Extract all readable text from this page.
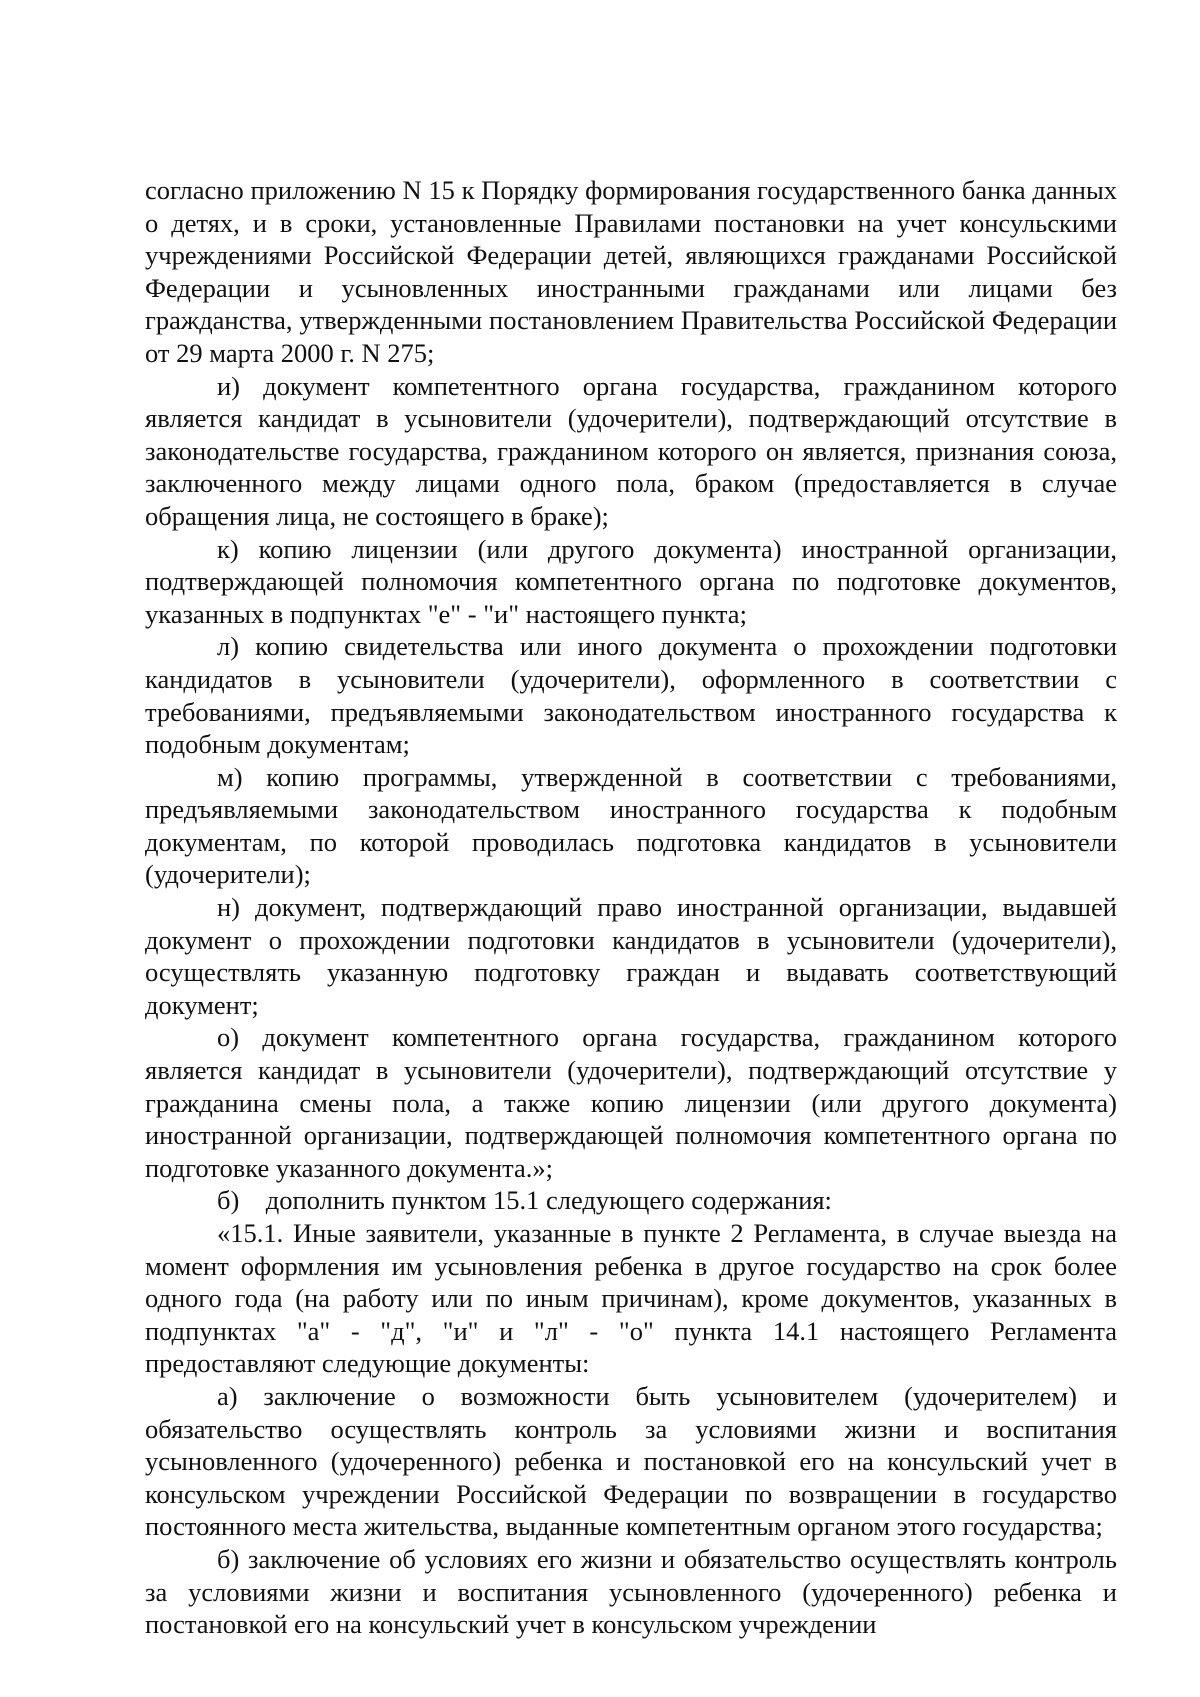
согласно приложению N 15 к Порядку формирования государственного банка данных о детях, и в сроки, установленные Правилами постановки на учет консульскими учреждениями Российской Федерации детей, являющихся гражданами Российской Федерации и усыновленных иностранными гражданами или лицами без гражданства, утвержденными постановлением Правительства Российской Федерации от 29 марта 2000 г. N 275;

и) документ компетентного органа государства, гражданином которого является кандидат в усыновители (удочерители), подтверждающий отсутствие в законодательстве государства, гражданином которого он является, признания союза, заключенного между лицами одного пола, браком (предоставляется в случае обращения лица, не состоящего в браке);

к) копию лицензии (или другого документа) иностранной организации, подтверждающей полномочия компетентного органа по подготовке документов, указанных в подпунктах "е" - "и" настоящего пункта;

л) копию свидетельства или иного документа о прохождении подготовки кандидатов в усыновители (удочерители), оформленного в соответствии с требованиями, предъявляемыми законодательством иностранного государства к подобным документам;

м) копию программы, утвержденной в соответствии с требованиями, предъявляемыми законодательством иностранного государства к подобным документам, по которой проводилась подготовка кандидатов в усыновители (удочерители);

н) документ, подтверждающий право иностранной организации, выдавшей документ о прохождении подготовки кандидатов в усыновители (удочерители), осуществлять указанную подготовку граждан и выдавать соответствующий документ;

о) документ компетентного органа государства, гражданином которого является кандидат в усыновители (удочерители), подтверждающий отсутствие у гражданина смены пола, а также копию лицензии (или другого документа) иностранной организации, подтверждающей полномочия компетентного органа по подготовке указанного документа.»;

б)    дополнить пунктом 15.1 следующего содержания:

«15.1. Иные заявители, указанные в пункте 2 Регламента, в случае выезда на момент оформления им усыновления ребенка в другое государство на срок более одного года (на работу или по иным причинам), кроме документов, указанных в подпунктах "а" - "д", "и" и "л" - "о" пункта 14.1 настоящего Регламента предоставляют следующие документы:

а) заключение о возможности быть усыновителем (удочерителем) и обязательство осуществлять контроль за условиями жизни и воспитания усыновленного (удочеренного) ребенка и постановкой его на консульский учет в консульском учреждении Российской Федерации по возвращении в государство постоянного места жительства, выданные компетентным органом этого государства;

б) заключение об условиях его жизни и обязательство осуществлять контроль за условиями жизни и воспитания усыновленного (удочеренного) ребенка и постановкой его на консульский учет в консульском учреждении
